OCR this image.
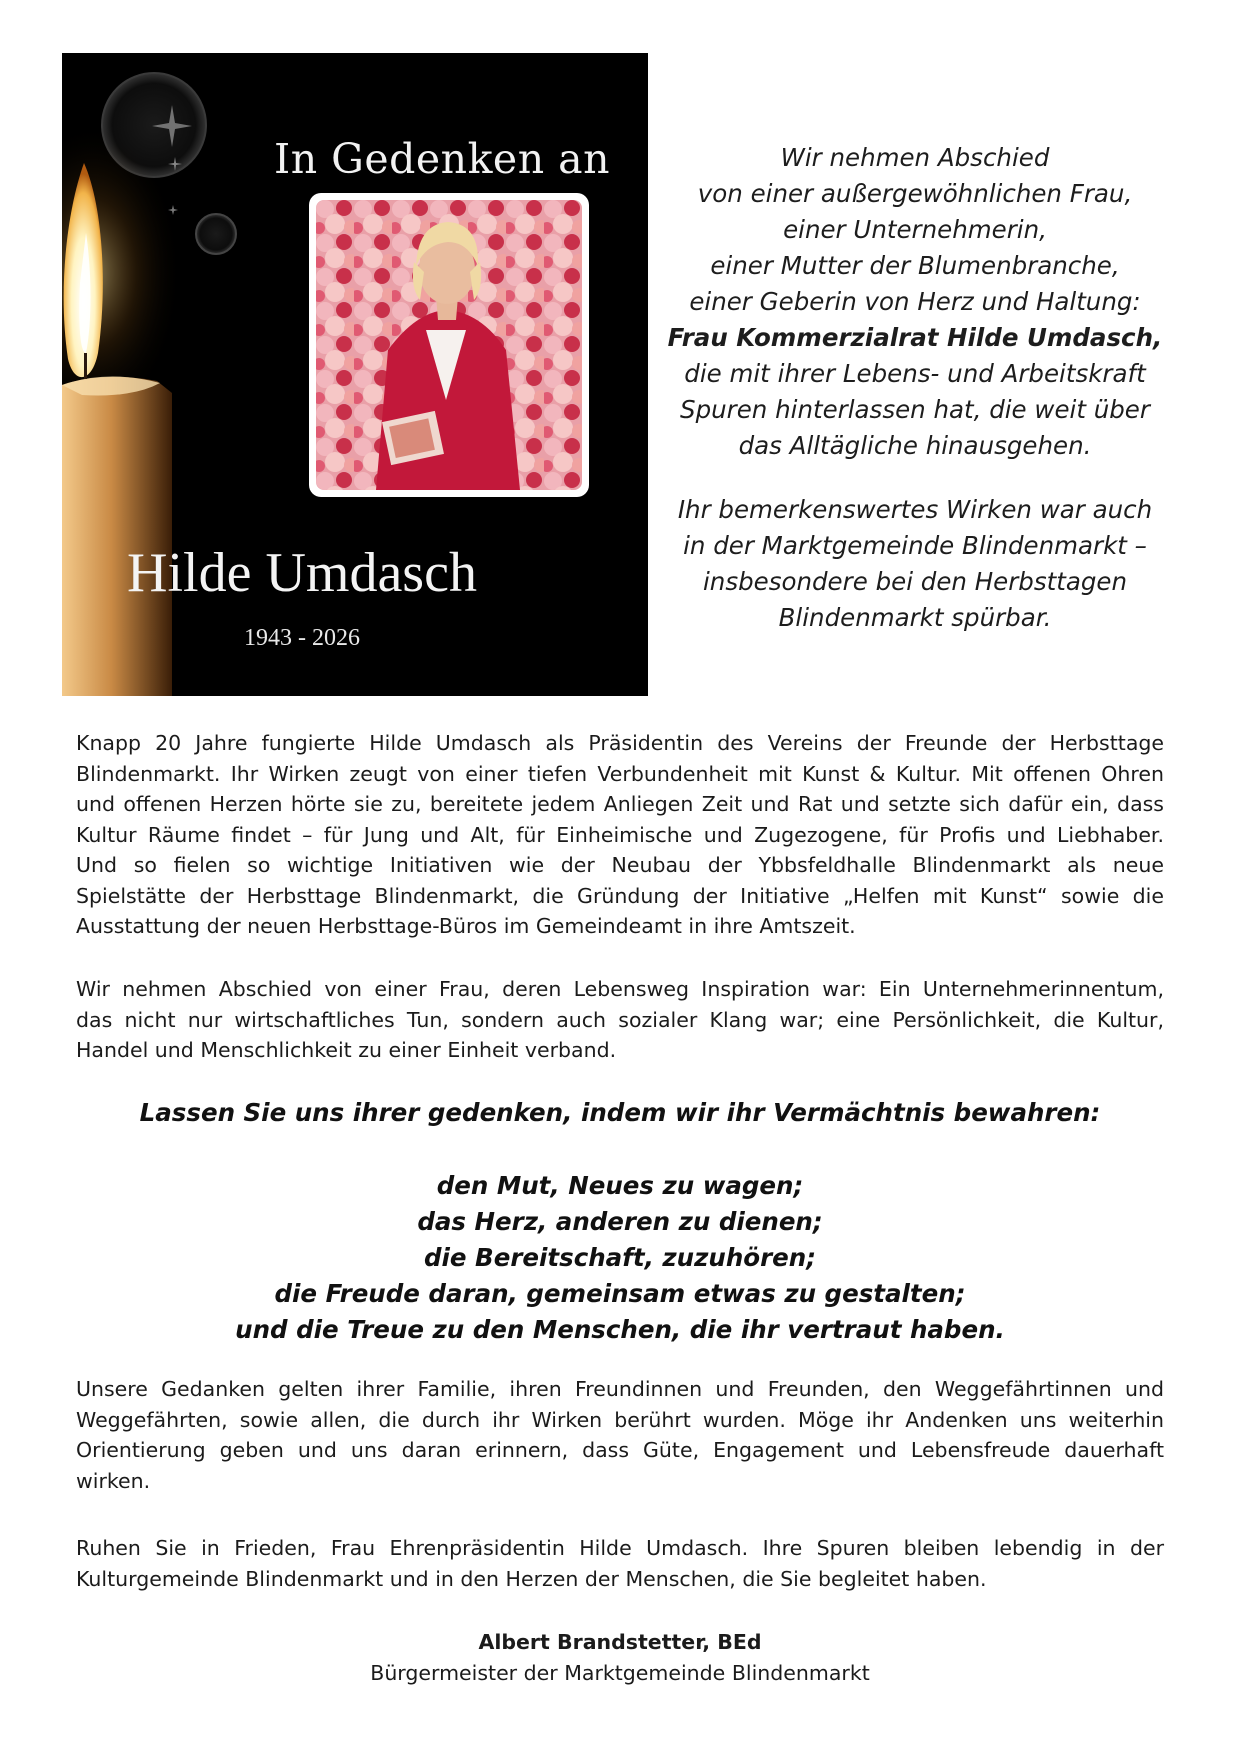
In Gedenken an
Hilde Umdasch
1943 - 2026
Wir nehmen Abschied
von einer außergewöhnlichen Frau,
einer Unternehmerin,
einer Mutter der Blumenbranche,
einer Geberin von Herz und Haltung:
Frau Kommerzialrat Hilde Umdasch,
die mit ihrer Lebens- und Arbeitskraft
Spuren hinterlassen hat, die weit über
das Alltägliche hinausgehen.
Ihr bemerkenswertes Wirken war auch
in der Marktgemeinde Blindenmarkt –
insbesondere bei den Herbsttagen
Blindenmarkt spürbar.
Knapp 20 Jahre fungierte Hilde Umdasch als Präsidentin des Vereins der Freunde der Herbsttage
Blindenmarkt. Ihr Wirken zeugt von einer tiefen Verbundenheit mit Kunst & Kultur. Mit offenen Ohren
und offenen Herzen hörte sie zu, bereitete jedem Anliegen Zeit und Rat und setzte sich dafür ein, dass
Kultur Räume findet – für Jung und Alt, für Einheimische und Zugezogene, für Profis und Liebhaber.
Und so fielen so wichtige Initiativen wie der Neubau der Ybbsfeldhalle Blindenmarkt als neue
Spielstätte der Herbsttage Blindenmarkt, die Gründung der Initiative „Helfen mit Kunst“ sowie die
Ausstattung der neuen Herbsttage-Büros im Gemeindeamt in ihre Amtszeit.
Wir nehmen Abschied von einer Frau, deren Lebensweg Inspiration war: Ein Unternehmerinnentum,
das nicht nur wirtschaftliches Tun, sondern auch sozialer Klang war; eine Persönlichkeit, die Kultur,
Handel und Menschlichkeit zu einer Einheit verband.
Lassen Sie uns ihrer gedenken, indem wir ihr Vermächtnis bewahren:
den Mut, Neues zu wagen;
das Herz, anderen zu dienen;
die Bereitschaft, zuzuhören;
die Freude daran, gemeinsam etwas zu gestalten;
und die Treue zu den Menschen, die ihr vertraut haben.
Unsere Gedanken gelten ihrer Familie, ihren Freundinnen und Freunden, den Weggefährtinnen und
Weggefährten, sowie allen, die durch ihr Wirken berührt wurden. Möge ihr Andenken uns weiterhin
Orientierung geben und uns daran erinnern, dass Güte, Engagement und Lebensfreude dauerhaft
wirken.
Ruhen Sie in Frieden, Frau Ehrenpräsidentin Hilde Umdasch. Ihre Spuren bleiben lebendig in der
Kulturgemeinde Blindenmarkt und in den Herzen der Menschen, die Sie begleitet haben.
Albert Brandstetter, BEd
Bürgermeister der Marktgemeinde Blindenmarkt
